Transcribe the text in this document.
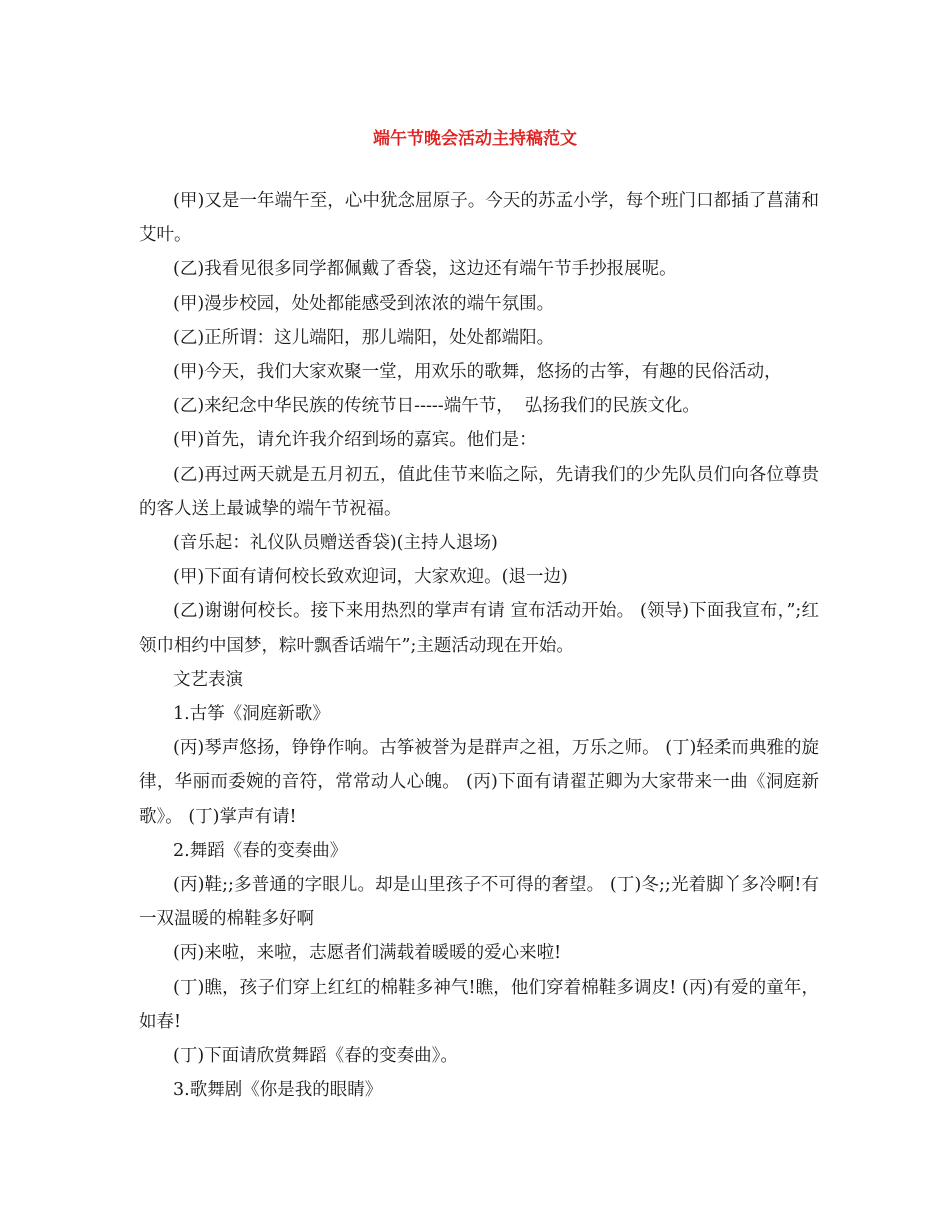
端午节晚会活动主持稿范文

(甲)又是一年端午至，心中犹念屈原子。今天的苏孟小学，每个班门口都插了菖蒲和艾叶。

(乙)我看见很多同学都佩戴了香袋，这边还有端午节手抄报展呢。

(甲)漫步校园，处处都能感受到浓浓的端午氛围。

(乙)正所谓：这儿端阳，那儿端阳，处处都端阳。

(甲)今天，我们大家欢聚一堂，用欢乐的歌舞，悠扬的古筝，有趣的民俗活动，

(乙)来纪念中华民族的传统节日-----端午节，  弘扬我们的民族文化。

(甲)首先，请允许我介绍到场的嘉宾。他们是：

(乙)再过两天就是五月初五，值此佳节来临之际，先请我们的少先队员们向各位尊贵的客人送上最诚挚的端午节祝福。

(音乐起：礼仪队员赠送香袋)(主持人退场)

(甲)下面有请何校长致欢迎词，大家欢迎。(退一边)

(乙)谢谢何校长。接下来用热烈的掌声有请 宣布活动开始。 (领导)下面我宣布，”;红领巾相约中国梦，粽叶飘香话端午”;主题活动现在开始。

文艺表演

1.古筝《洞庭新歌》

(丙)琴声悠扬，铮铮作响。古筝被誉为是群声之祖，万乐之师。 (丁)轻柔而典雅的旋律，华丽而委婉的音符，常常动人心魄。 (丙)下面有请翟芷卿为大家带来一曲《洞庭新歌》。 (丁)掌声有请!

2.舞蹈《春的变奏曲》

(丙)鞋;;多普通的字眼儿。却是山里孩子不可得的奢望。 (丁)冬;;光着脚丫多冷啊!有一双温暖的棉鞋多好啊

(丙)来啦，来啦，志愿者们满载着暖暖的爱心来啦!

(丁)瞧，孩子们穿上红红的棉鞋多神气!瞧，他们穿着棉鞋多调皮! (丙)有爱的童年，如春!

(丁)下面请欣赏舞蹈《春的变奏曲》。

3.歌舞剧《你是我的眼睛》
